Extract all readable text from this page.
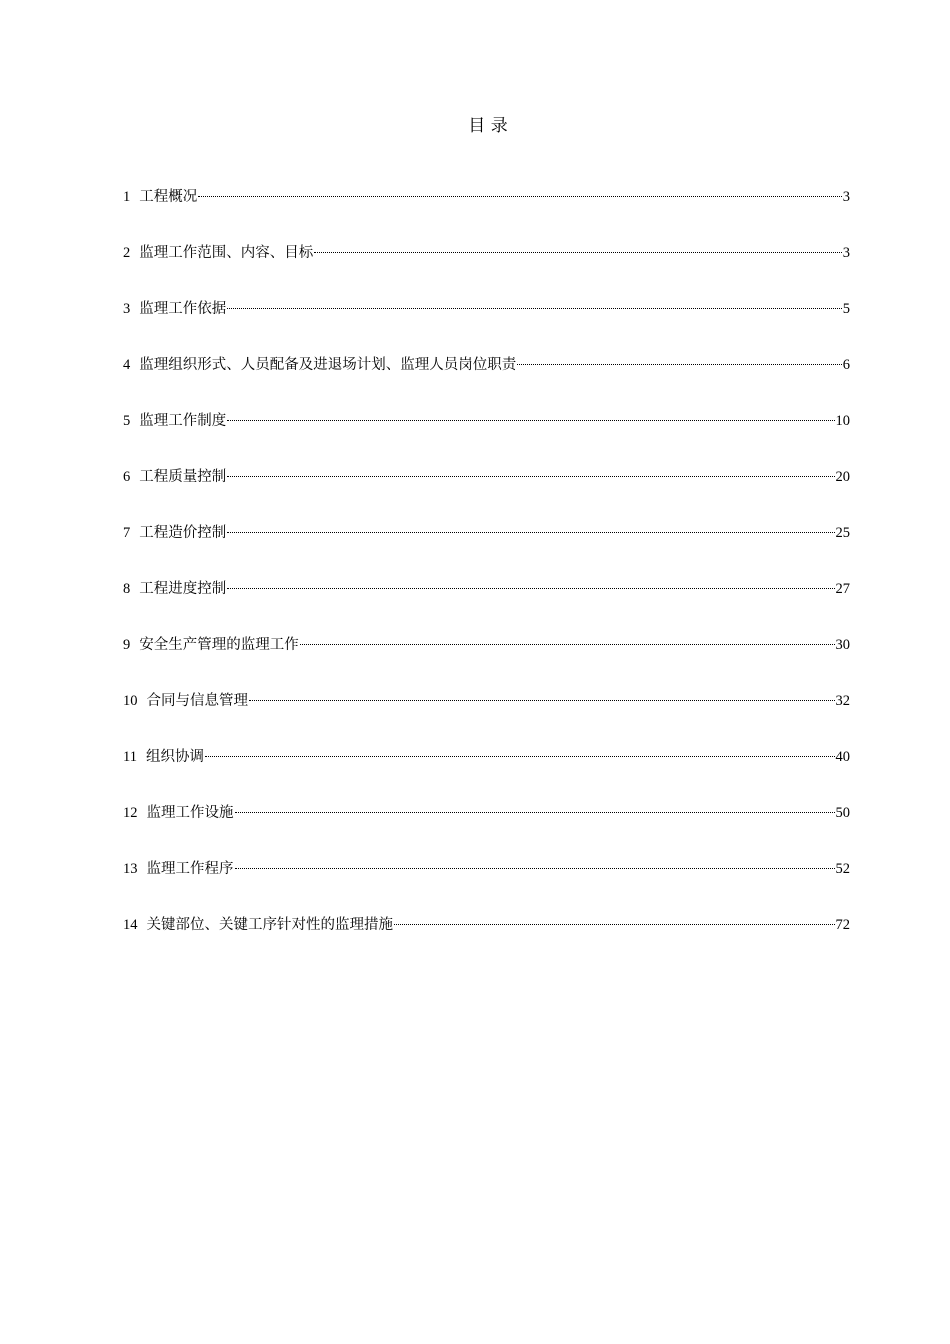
目 录
1 工程概况	3
2 监理工作范围、内容、目标	3
3 监理工作依据	5
4 监理组织形式、人员配备及进退场计划、监理人员岗位职责	6
5 监理工作制度	10
6 工程质量控制	20
7 工程造价控制	25
8 工程进度控制	27
9 安全生产管理的监理工作	30
10 合同与信息管理	32
11 组织协调	40
12 监理工作设施	50
13 监理工作程序	52
14 关键部位、关键工序针对性的监理措施	72
